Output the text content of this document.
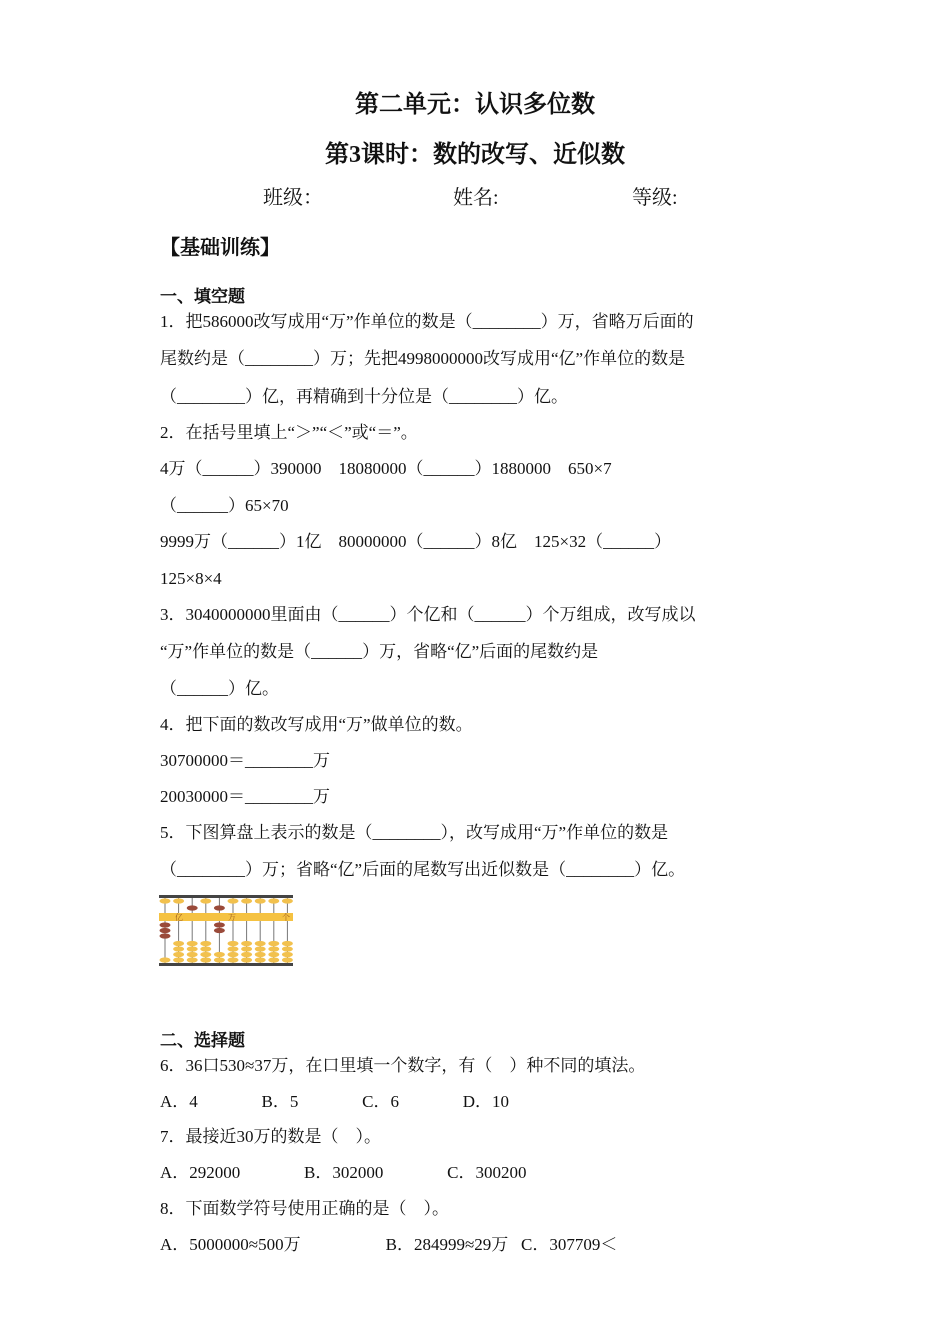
第二单元：认识多位数
第3课时：数的改写、近似数
班级：	姓名:	等级:
【基础训练】
一、填空题
1．把586000改写成用“万”作单位的数是（________）万，省略万后面的
尾数约是（________）万；先把4998000000改写成用“亿”作单位的数是
（________）亿，再精确到十分位是（________）亿。
2．在括号里填上“＞”“＜”或“＝”。
4万（______）390000    18080000（______）1880000    650×7
（______）65×70
9999万（______）1亿    80000000（______）8亿    125×32（______）
125×8×4
3．3040000000里面由（______）个亿和（______）个万组成，改写成以
“万”作单位的数是（______）万，省略“亿”后面的尾数约是
（______）亿。
4．把下面的数改写成用“万”做单位的数。
30700000＝________万
20030000＝________万
5．下图算盘上表示的数是（________），改写成用“万”作单位的数是
（________）万；省略“亿”后面的尾数写出近似数是（________）亿。
亿	万	个
二、选择题
6．36口530≈37万，在口里填一个数字，有（    ）种不同的填法。
A．4               B．5               C．6               D．10
7．最接近30万的数是（    ）。
A．292000               B．302000               C．300200
8．下面数学符号使用正确的是（    ）。
A．5000000≈500万                    B．284999≈29万   C．307709＜
